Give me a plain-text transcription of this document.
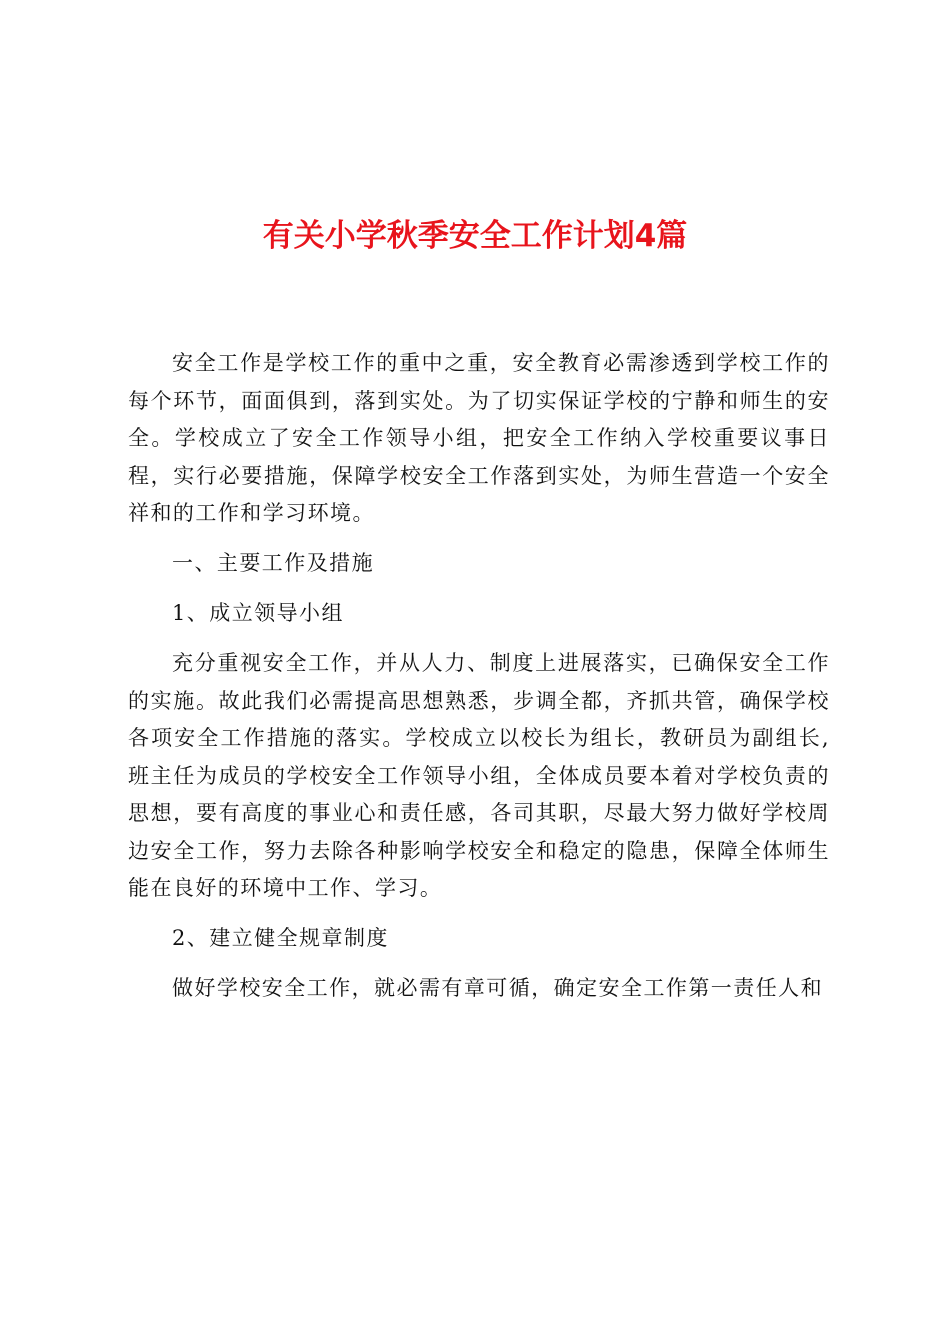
有关小学秋季安全工作计划4篇

安全工作是学校工作的重中之重，安全教育必需渗透到学校工作的每个环节，面面俱到，落到实处。为了切实保证学校的宁静和师生的安全。学校成立了安全工作领导小组，把安全工作纳入学校重要议事日程，实行必要措施，保障学校安全工作落到实处，为师生营造一个安全祥和的工作和学习环境。

一、主要工作及措施

1、成立领导小组

充分重视安全工作，并从人力、制度上进展落实，已确保安全工作的实施。故此我们必需提高思想熟悉，步调全都，齐抓共管，确保学校各项安全工作措施的落实。学校成立以校长为组长，教研员为副组长,班主任为成员的学校安全工作领导小组，全体成员要本着对学校负责的思想，要有高度的事业心和责任感，各司其职，尽最大努力做好学校周边安全工作，努力去除各种影响学校安全和稳定的隐患，保障全体师生能在良好的环境中工作、学习。

2、建立健全规章制度

做好学校安全工作，就必需有章可循，确定安全工作第一责任人和
